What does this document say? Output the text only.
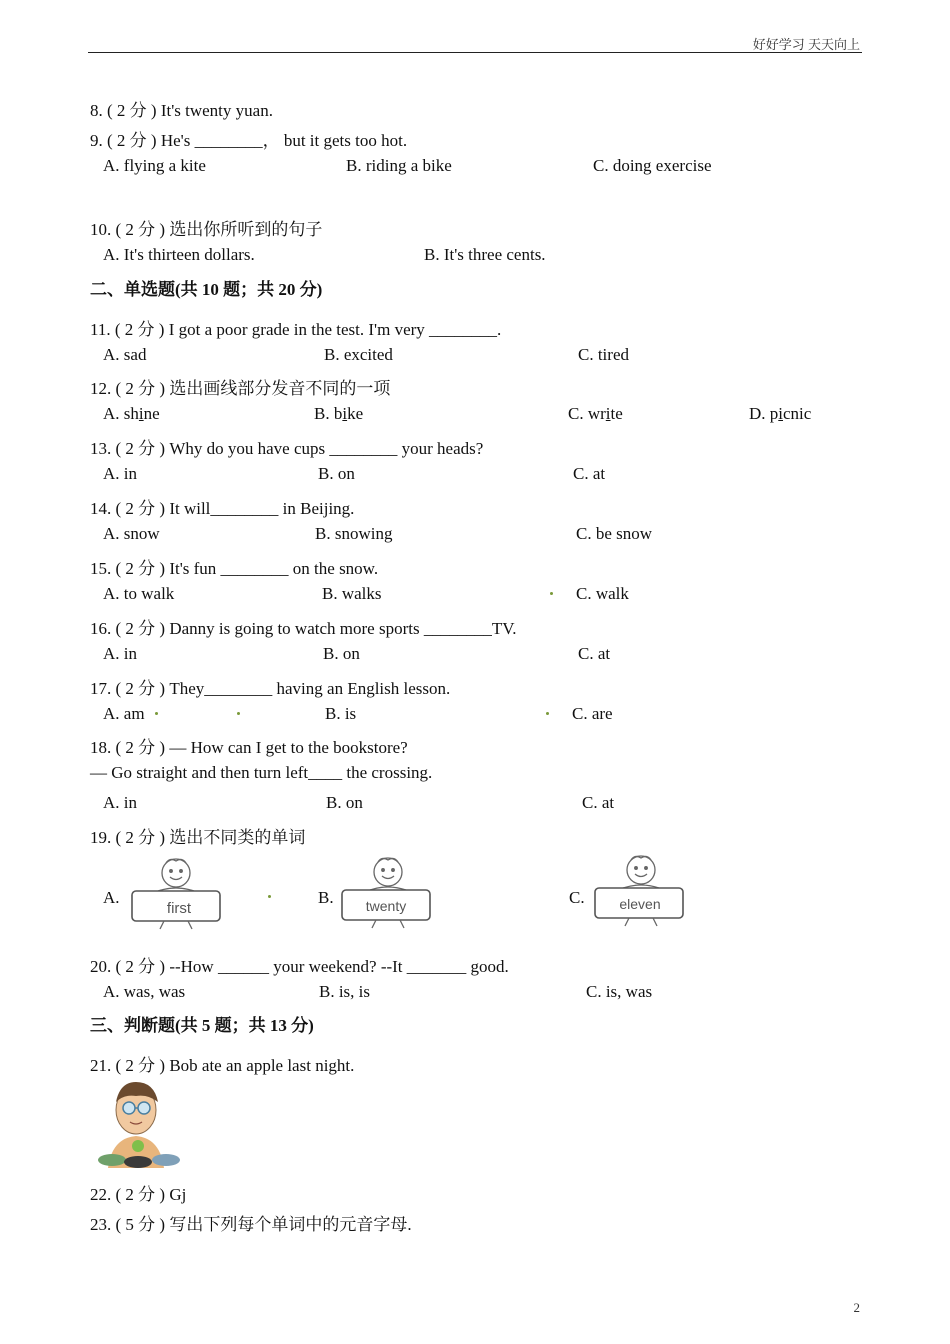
好好学习 天天向上
8. ( 2 分 ) It's twenty yuan.
9. ( 2 分 ) He's ________， but it gets too hot.
A. flying a kite	B. riding a bike	C. doing exercise
10. ( 2 分 ) 选出你所听到的句子
A. It's thirteen dollars.	B. It's three cents.
二、单选题(共 10 题；共 20 分)
11. ( 2 分 ) I got a poor grade in the test. I'm very ________.
A. sad	B. excited	C. tired
12. ( 2 分 ) 选出画线部分发音不同的一项
A. shine	B. bike	C. write	D. picnic
13. ( 2 分 ) Why do you have cups ________ your heads?
A. in	B. on	C. at
14. ( 2 分 ) It will________ in Beijing.
A. snow	B. snowing	C. be snow
15. ( 2 分 ) It's fun ________ on the snow.
A. to walk	B. walks	C. walk
16. ( 2 分 ) Danny is going to watch more sports ________TV.
A. in	B. on	C. at
17. ( 2 分 ) They________ having an English lesson.
A. am	B. is	C. are
18. ( 2 分 ) — How can I get to the bookstore?
— Go straight and then turn left____ the crossing.
A. in	B. on	C. at
19. ( 2 分 ) 选出不同类的单词
A.	B.	C.
first	twenty	eleven
20. ( 2 分 ) --How ______ your weekend? --It _______ good.
A. was, was	B. is, is	C. is, was
三、判断题(共 5 题；共 13 分)
21. ( 2 分 ) Bob ate an apple last night.
22. ( 2 分 ) Gj
23. ( 5 分 ) 写出下列每个单词中的元音字母.
2
